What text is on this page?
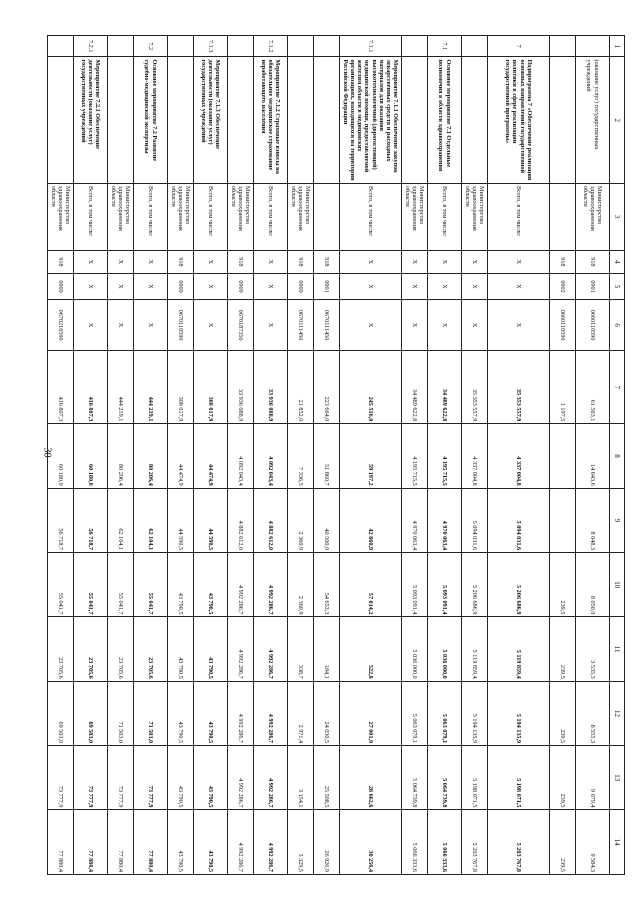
30
1	2	3	4	5	6	7	8	9	10	11	12	13	14
	(оказание услуг) государственных учреждений	Министерство здравоохранения области	918	0901	0660110590	61 503,1	14 643,6	8 048,3	8 050,0	3 535,3	8 555,3	9 079,4	9 584,3
			918	0902	0660110590	1 197,5			239,5	239,5	239,5	239,5	239,5
7	Подпрограмма 7 «Обеспечение реализации основных направлений государственной политики в сфере реализации государственной программы»	Всего, в том числе:	X	X	X	35 353 557,9	4 337 004,8	5 094 031,6	5 206 686,9	5 119 859,4	5 194 135,9	5 198 071,5	5 203 767,8
		Министерство здравоохранения области	X	X	X	35 353 557,9	4 337 004,8	5 094 031,6	5 206 686,9	5 119 859,4	5 194 135,9	5 198 071,5	5 203 767,8
7.1	Основное мероприятие 7.1 Отдельные полномочия в области здравоохранения	Всего, в том числе:	X	X	X	34 489 622,8	4 195 715,5	4 970 063,4	5 093 091,4	5 036 000,0	5 063 079,1	5 064 739,8	5 066 333,6
		Министерство здравоохранения области	X	X	X	34 489 622,8	4 195 715,5	4 970 063,4	5 093 091,4	5 036 000,0	5 063 079,1	5 064 739,8	5 066 333,6
7.1.1	Мероприятие 7.1.1 Обеспечение закупок лекарственных средств и расходных материалов для оказания высокотехнологичной (дорогостоящей) медицинской помощи, предоставляемой жителям области в медицинских организациях, находящихся на территории Российской Федерации	Всего, в том числе:	X	X	X	245 516,0	59 197,2	42 860,9	57 014,2	522,8	27 001,9	28 662,6	30 256,4
			918	0901	0670111450	223 664,0	51 860,7	40 500,0	54 653,3	184,1	24 030,5	25 508,5	26 926,9
		Министерство здравоохранения области	918	0909	0670111450	21 852,0	7 336,5	2 360,9	2 360,9	338,7	2 971,4	3 154,1	3 329,5
7.1.2	Мероприятие 7.1.2 Страховые взносы на обязательное медицинское страхование неработающего населения	Всего, в том числе:	X	X	X	33 936 088,9	4 092 043,4	4 882 612,0	4 992 286,7	4 992 286,7	4 992 286,7	4 992 286,7	4 992 286,7
		Министерство здравоохранения области	918	0909	0670187350	33 936 088,9	4 092 043,4	4 882 612,0	4 992 286,7	4 992 286,7	4 992 286,7	4 992 286,7	4 992 286,7
7.1.3	Мероприятие 7.1.3 Обеспечение деятельности (оказание услуг) государственных учреждений	Всего, в том числе:	X	X	X	308 017,9	44 474,9	44 590,5	43 790,5	43 790,5	43 790,5	43 790,5	43 790,5
		Министерство здравоохранения области	918	0909	0670110590	308 017,9	44 474,9	44 590,5	43 790,5	43 790,5	43 790,5	43 790,5	43 790,5
7.2	Основное мероприятие 7.2 Развитие судебно-медицинской экспертизы	Всего, в том числе:	X	X	X	444 219,1	80 206,4	62 104,1	55 041,7	23 705,6	71 503,0	73 777,9	77 880,4
		Министерство здравоохранения области	X	X	X	444 219,1	80 206,4	62 104,1	55 041,7	23 705,6	71 503,0	73 777,9	77 880,4
7.2.1	Мероприятие 7.2.1 Обеспечение деятельности (оказание услуг) государственных учреждений	Всего, в том числе:	X	X	X	416 807,3	60 180,0	56 718,7	55 041,7	23 705,6	69 503,0	73 777,9	77 880,4
		Министерство здравоохранения области	918	0909	0670210590	416 807,3	60 180,0	56 718,7	55 041,7	23 705,6	69 503,0	73 777,9	77 880,4
